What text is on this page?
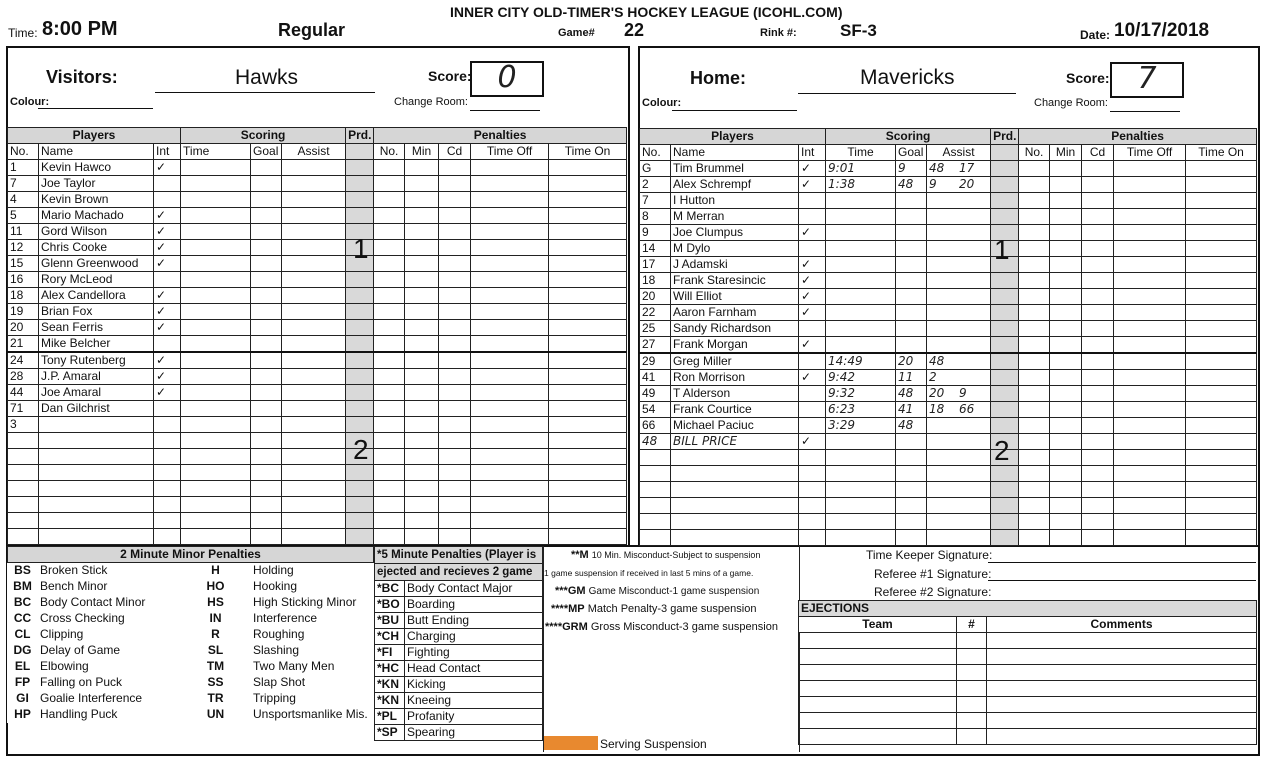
INNER CITY OLD-TIMER'S HOCKEY LEAGUE (ICOHL.COM)
Time: 8:00 PM	Regular	Game# 22	Rink #:	SF-3	Date: 10/17/2018
Visitors:	Hawks	Score: 0
Colour:	Change Room:
Home:	Mavericks	Score: 7
Colour:	Change Room:
Players			Scoring			Prd.	Penalties				
No.	Name	Int	Time	Goal	Assist		No.	Min	Cd	Time Off	Time On
1	Kevin Hawco	✓									
7	Joe Taylor										
4	Kevin Brown										
5	Mario Machado	✓									
11	Gord Wilson	✓									
12	Chris Cooke	✓									
15	Glenn Greenwood	✓									
16	Rory McLeod										
18	Alex Candellora	✓									
19	Brian Fox	✓									
20	Sean Ferris	✓									
21	Mike Belcher										
24	Tony Rutenberg	✓									
28	J.P. Amaral	✓									
44	Joe Amaral	✓									
71	Dan Gilchrist										
3											

Players			Scoring			Prd.	Penalties				
No.	Name	Int	Time	Goal	Assist		No.	Min	Cd	Time Off	Time On
G	Tim Brummel	✓	9:01	9	48 17						
2	Alex Schrempf	✓	1:38	48	9 20						
7	I Hutton										
8	M Merran										
9	Joe Clumpus	✓									
14	M Dylo										
17	J Adamski	✓									
18	Frank Staresincic	✓									
20	Will Elliot	✓									
22	Aaron Farnham	✓									
25	Sandy Richardson										
27	Frank Morgan	✓									
29	Greg Miller		14:49	20	48						
41	Ron Morrison	✓	9:42	11	2						
49	T Alderson		9:32	48	20 9						
54	Frank Courtice		6:23	41	18 66						
66	Michael Paciuc		3:29	48							
48	BILL PRICE	✓									

1
2
1
2
2 Minute Minor Penalties			
BS	Broken Stick	H	Holding
BM	Bench Minor	HO	Hooking
BC	Body Contact Minor	HS	High Sticking Minor
CC	Cross Checking	IN	Interference
CL	Clipping	R	Roughing
DG	Delay of Game	SL	Slashing
EL	Elbowing	TM	Two Many Men
FP	Falling on Puck	SS	Slap Shot
GI	Goalie Interference	TR	Tripping
HP	Handling Puck	UN	Unsportsmanlike Mis.
*5 Minute Penalties (Player is	
ejected and recieves 2 game	
*BC	Body Contact Major
*BO	Boarding
*BU	Butt Ending
*CH	Charging
*FI	Fighting
*HC	Head Contact
*KN	Kicking
*KN	Kneeing
*PL	Profanity
*SP	Spearing
**M 10 Min. Misconduct-Subject to suspension
1 game suspension if received in last 5 mins of a game.
***GM Game Misconduct-1 game suspension
****MP Match Penalty-3 game suspension
****GRM Gross Misconduct-3 game suspension
Serving Suspension
Time Keeper Signature:
Referee #1 Signature:
Referee #2 Signature:
EJECTIONS		
Team	#	Comments
